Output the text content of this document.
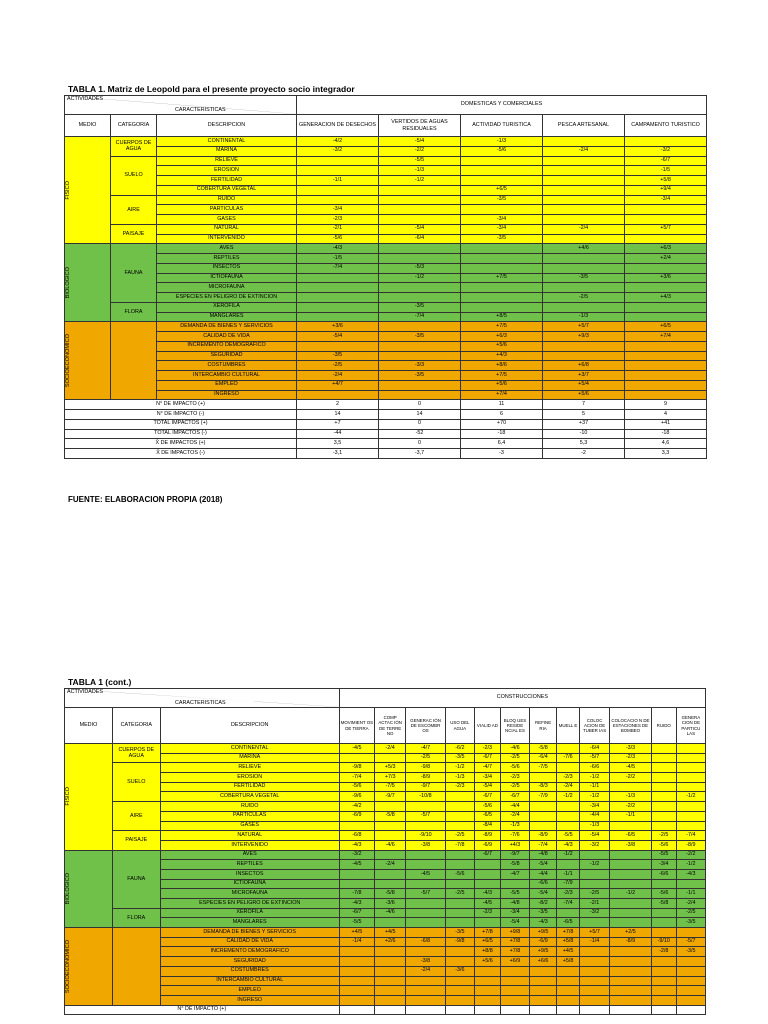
TABLA 1. Matriz de Leopold para el presente proyecto socio integrador
ACTIVIDADES
CARACTERISTICAS			DOMESTICAS Y COMERCIALES				
MEDIO	CATEGORIA	DESCRIPCION	GENERACION DE DESECHOS	VERTIDOS DE AGUAS RESIDUALES	ACTIVIDAD TURISTICA	PESCA ARTESANAL	CAMPAMENTO TURISTICO

FISICO	CUERPOS DE AGUA	CONTINENTAL	-4/2	-5/4	-1/3		
		MARINA	-3/2	-2/2	-5/6	-2/4	-3/2
	SUELO	RELIEVE		-5/5			-6/7
		EROSION		-1/3			-1/5
		FERTILIDAD	-1/1	-1/2			+5/8
		COBERTURA VEGETAL			+6/5		+9/4
	AIRE	RUIDO			-3/5		-3/4
		PARTICULAS	-3/4				
		GASES	-2/3		-3/4		
	PAISAJE	NATURAL	-2/1	-5/4	-3/4	-2/4	+5/7
		INTERVENIDO	-5/6	-6/4	-3/5		

BIOLOGICO	FAUNA	AVES	-4/3			+4/6	+6/3
		REPTILES	-1/5				+2/4
		INSECTOS	-7/4	-5/3			
		ICTIOFAUNA		-1/2	+7/5	-3/5	+3/6
		MICROFAUNA					
		ESPECIES EN PELIGRO DE EXTINCION				-2/5	+4/3
	FLORA	XEROFILA		-3/5			
		MANGLARES		-7/4	+8/5	-1/3	

SOCIOECONOMICO		DEMANDA DE BIENES Y SERVICIOS	+3/6		+7/5	+5/7	+6/5
		CALIDAD DE VIDA	-5/4	-3/5	+6/3	+9/3	+7/4
		INCREMENTO DEMOGRAFICO			+5/6		
		SEGURIDAD	-3/5		+4/3		
		COSTUMBRES	-2/5	-3/3	+8/6	+6/8	
		INTERCAMBIO CULTURAL	-2/4	-3/5	+7/5	+3/7	
		EMPLEO	+4/7		+5/6	+5/4	
		INGRESO			+7/4	+5/6	
N° DE IMPACTO (+)			2	0	11	7	9
N° DE IMPACTO (-)			14	14	6	5	4
TOTAL IMPACTOS (+)			+7	0	+70	+37	+41
TOTAL IMPACTOS (-)			-44	-52	-18	-10	-18
X̄ DE IMPACTOS (+)			3,5	0	6,4	5,3	4,6
X̄ DE IMPACTOS (-)			-3,1	-3,7	-3	-2	3,3
FUENTE: ELABORACION PROPIA (2018)
TABLA 1 (cont.)
ACTIVIDADES
CARACTERISTICAS			CONSTRUCCIONES											
MEDIO	CATEGORIA	DESCRIPCION	MOVIMIENT OS DE TIERRA	COMP ACTAC IÓN DE TERRE NO	GENERAC IÓN DE ESCOMBR OS	USO DEL AGUA	VIALID AD	BLOQ UES RESIDE NCIAL ES	REFINE RIA	MUELL E	COLOC ACION DE TUBER IAS	COLOCACIO N DE ESTACIONES DE BOMBEO	RUIDO	GENERA CION DE PARTICU LAS

FISICO	CUERPOS DE AGUA	CONTINENTAL	-4/5	-2/4	-4/7	-6/2	-2/3	-4/6	-5/8		-6/4	-3/3		
		MARINA			-2/5	-3/5	-6/7	-2/5	-6/4	-7/6	-5/7	-2/3		
	SUELO	RELIEVE	-9/8	+5/3	-9/8	-1/2	-4/7	-5/6	-7/5		-6/6	-4/5		
		EROSION	-7/4	+7/3	-8/9	-1/3	-3/4	-2/3		-2/3	-1/2	-2/2		
		FERTILIDAD	-5/6	-7/5	-9/7	-2/3	-5/4	-2/5	-8/3	-2/4	-1/1			
		COBERTURA VEGETAL	-9/6	-9/7	-10/8		-6/7	-6/7	-7/9	-1/2	-1/2	-1/3		-1/2
	AIRE	RUIDO	-4/2				-5/6	-4/4			-3/4	-2/2		
		PARTICULAS	-6/9	-5/8	-5/7		-6/5	-2/4			-4/4	-1/1		
		GASES					-8/4	-1/3			-1/3			
	PAISAJE	NATURAL	-6/8		-9/10	-2/5	-8/9	-7/6	-8/9	-5/5	-5/4	-6/5	-2/5	-7/4
		INTERVENIDO	-4/3	-4/6	-3/8	-7/8	-6/9	+4/3	-7/4	-4/3	-3/2	-3/8	-5/6	-8/9

BIOLOGICO	FAUNA	AVES	-3/2				-6/7	-9/7	-4/8	-1/2			-5/5	-2/2
		REPTILES	-4/5	-2/4				-5/8	-5/4		-1/2		-3/4	-1/2
		INSECTOS			-4/5	-5/6		-4/7	-4/4	-1/1			-6/6	-4/3
		ICTIOFAUNA							-6/6	-7/9				
		MICROFAUNA	-7/8	-5/8	-5/7	-2/5	-4/3	-5/5	-5/4	-2/3	-2/5	-1/2	-5/6	-1/1
		ESPECIES EN PELIGRO DE EXTINCION	-4/3	-3/6			-4/5	-4/8	-8/2	-7/4	-2/1		-5/8	-2/4
	FLORA	XEROFILA	-6/7	-4/6			-2/3	-3/4	-3/5		-3/2			-2/5
		MANGLARES	-5/5					-5/4	-4/3	-6/5				-3/5

SOCIOECONOMICO		DEMANDA DE BIENES Y SERVICIOS	+4/5	+4/5		-3/5	+7/8	+9/8	+9/5	+7/8	+5/7	+2/5		
		CALIDAD DE VIDA	-1/4	+2/6	-6/8	-9/8	+6/5	+7/8	-6/9	+5/8	-1/4	-8/9	-9/10	-5/7
		INCREMENTO DEMOGRAFICO					+8/8	+7/8	+9/5	+4/5			-2/8	-3/5
		SEGURIDAD			-3/8		+5/6	+6/9	+6/6	+5/8				
		COSTUMBRES			-2/4	-3/6								
		INTERCAMBIO CULTURAL												
		EMPLEO												
		INGRESO												
N° DE IMPACTO (+)														
